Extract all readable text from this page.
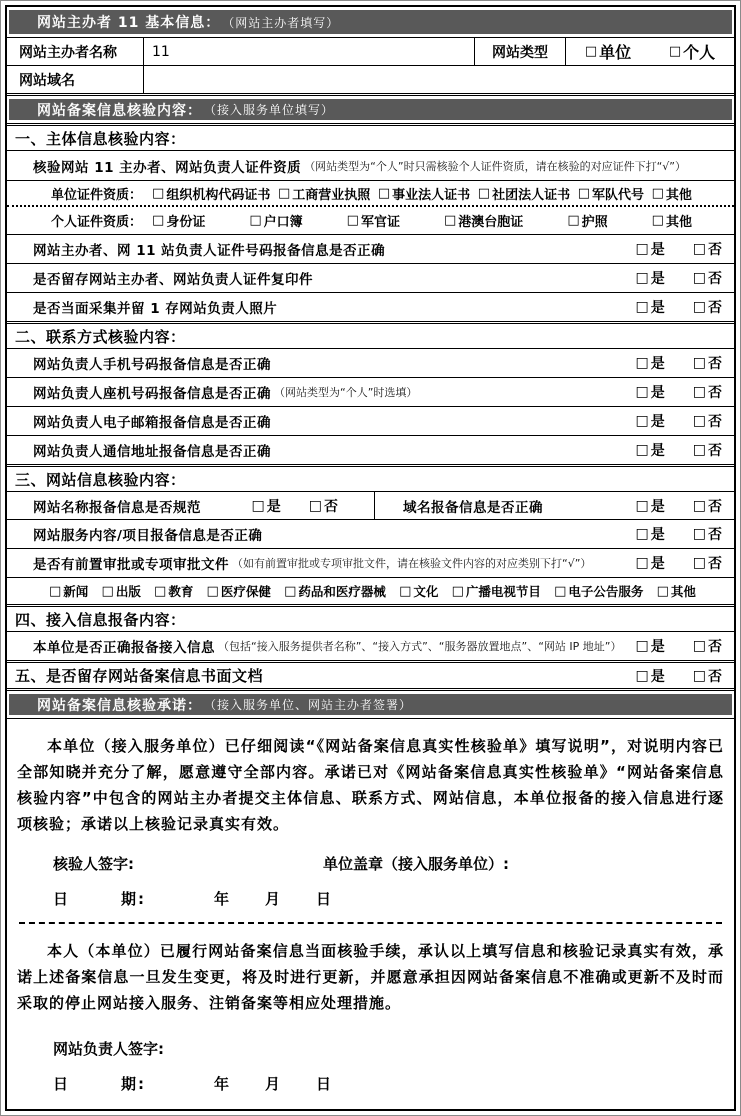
网站主办者 11 基本信息： （网站主办者填写）
网站主办者名称	11	网站类型	□ 单位	□ 个人
网站域名
网站备案信息核验内容： （接入服务单位填写）
一、主体信息核验内容：
核验网站 11 主办者、网站负责人证件资质 （网站类型为“个人”时只需核验个人证件资质，请在核验的对应证件下打“√”）
单位证件资质： □ 组织机构代码证书 □ 工商营业执照 □ 事业法人证书 □ 社团法人证书 □ 军队代号 □ 其他
个人证件资质： □ 身份证	□ 户口簿	□ 军官证	□ 港澳台胞证	□ 护照	□ 其他
网站主办者、网 11 站负责人证件号码报备信息是否正确	□ 是 □ 否
是否留存网站主办者、网站负责人证件复印件	□ 是 □ 否
是否当面采集并留 1 存网站负责人照片	□ 是 □ 否
二、联系方式核验内容：
网站负责人手机号码报备信息是否正确	□ 是 □ 否
网站负责人座机号码报备信息是否正确 （网站类型为“个人”时选填）	□ 是 □ 否
网站负责人电子邮箱报备信息是否正确	□ 是 □ 否
网站负责人通信地址报备信息是否正确	□ 是 □ 否
三、网站信息核验内容：
网站名称报备信息是否规范	□ 是 □ 否	域名报备信息是否正确	□ 是 □ 否
网站服务内容/项目报备信息是否正确	□ 是 □ 否
是否有前置审批或专项审批文件 （如有前置审批或专项审批文件，请在核验文件内容的对应类别下打“√”）	□ 是 □ 否
□ 新闻 □ 出版 □ 教育 □ 医疗保健 □ 药品和医疗器械 □ 文化 □ 广播电视节目 □ 电子公告服务 □ 其他
四、接入信息报备内容：
本单位是否正确报备接入信息 （包括“接入服务提供者名称”、“接入方式”、“服务器放置地点”、“网站 IP 地址”） □ 是 □ 否
五、是否留存网站备案信息书面文档	□ 是 □ 否
网站备案信息核验承诺： （接入服务单位、网站主办者签署）

本单位（接入服务单位）已仔细阅读“《网站备案信息真实性核验单》填写说明”，对说明内容已全部知晓并充分了解，愿意遵守全部内容。承诺已对《网站备案信息真实性核验单》“网站备案信息核验内容”中包含的网站主办者提交主体信息、联系方式、网站信息，本单位报备的接入信息进行逐项核验；承诺以上核验记录真实有效。

核验人签字:	单位盖章（接入服务单位）:
日　　　期:　　　　年　　月　　日

本人（本单位）已履行网站备案信息当面核验手续，承认以上填写信息和核验记录真实有效，承诺上述备案信息一旦发生变更，将及时进行更新，并愿意承担因网站备案信息不准确或更新不及时而采取的停止网站接入服务、注销备案等相应处理措施。

网站负责人签字:
日　　　期:　　　　年　　月　　日
